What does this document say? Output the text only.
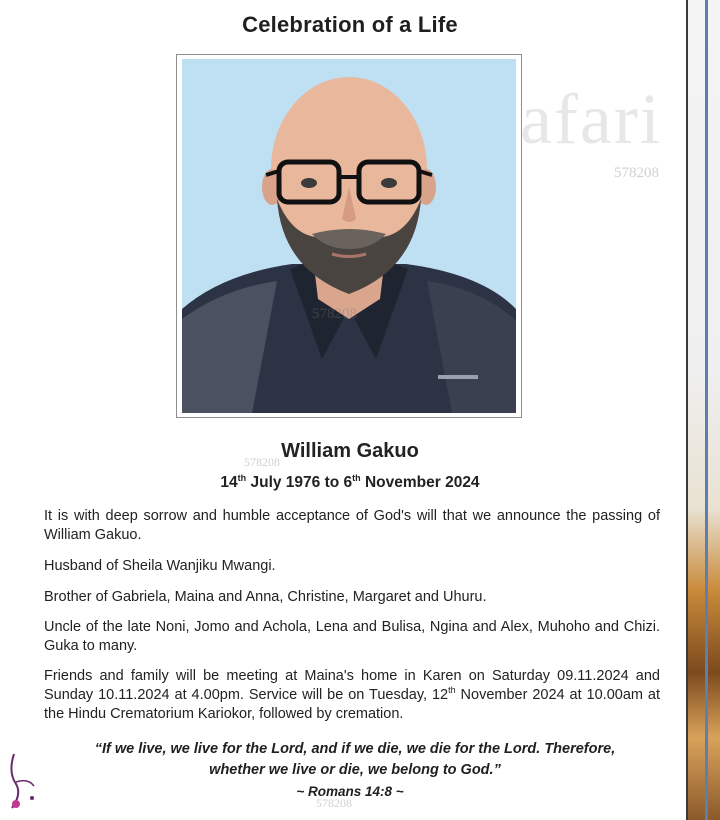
Celebration of a Life
afari
578208
578208
578208
578208
William Gakuo
14th July 1976 to 6th November 2024

It is with deep sorrow and humble acceptance of God's will that we announce the passing of William Gakuo.

Husband of Sheila Wanjiku Mwangi.

Brother of Gabriela, Maina and Anna, Christine, Margaret and Uhuru.

Uncle of the late Noni, Jomo and Achola, Lena and Bulisa, Ngina and Alex, Muhoho and Chizi. Guka to many.

Friends and family will be meeting at Maina's home in Karen on Saturday 09.11.2024 and Sunday 10.11.2024 at 4.00pm. Service will be on Tuesday, 12th November 2024 at 10.00am at the Hindu Crematorium Kariokor, followed by cremation.

“If we live, we live for the Lord, and if we die, we die for the Lord. Therefore,
whether we live or die, we belong to God.”
~ Romans 14:8 ~
